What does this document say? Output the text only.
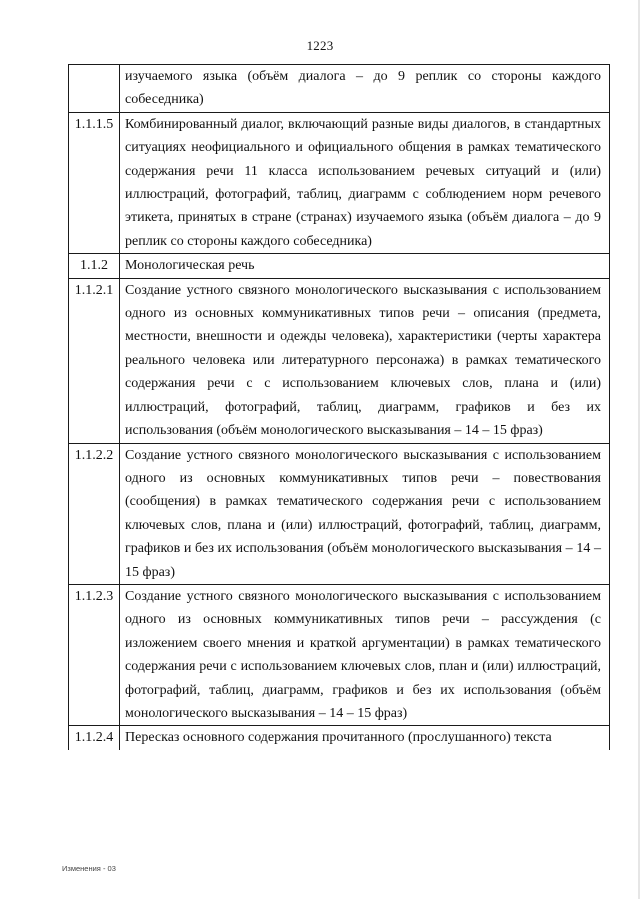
1223
	изучаемого языка (объём диалога – до 9 реплик со стороны каждого собеседника)
1.1.1.5	Комбинированный диалог, включающий разные виды диалогов, в стандартных ситуациях неофициального и официального общения в рамках тематического содержания речи 11 класса использованием речевых ситуаций и (или) иллюстраций, фотографий, таблиц, диаграмм с соблюдением норм речевого этикета, принятых в стране (странах) изучаемого языка (объём диалога – до 9 реплик со стороны каждого собеседника)
1.1.2	Монологическая речь
1.1.2.1	Создание устного связного монологического высказывания с использованием одного из основных коммуникативных типов речи – описания (предмета, местности, внешности и одежды человека), характеристики (черты характера реального человека или литературного персонажа) в рамках тематического содержания речи с с использованием ключевых слов, плана и (или) иллюстраций, фотографий, таблиц, диаграмм, графиков и без их использования (объём монологического высказывания – 14 – 15 фраз)
1.1.2.2	Создание устного связного монологического высказывания с использованием одного из основных коммуникативных типов речи – повествования (сообщения) в рамках тематического содержания речи с использованием ключевых слов, плана и (или) иллюстраций, фотографий, таблиц, диаграмм, графиков и без их использования (объём монологического высказывания – 14 – 15 фраз)
1.1.2.3	Создание устного связного монологического высказывания с использованием одного из основных коммуникативных типов речи – рассуждения (с изложением своего мнения и краткой аргументации) в рамках тематического содержания речи с использованием ключевых слов, план и (или) иллюстраций, фотографий, таблиц, диаграмм, графиков и без их использования (объём монологического высказывания – 14 – 15 фраз)
1.1.2.4	Пересказ основного содержания прочитанного (прослушанного) текста
Изменения - 03
